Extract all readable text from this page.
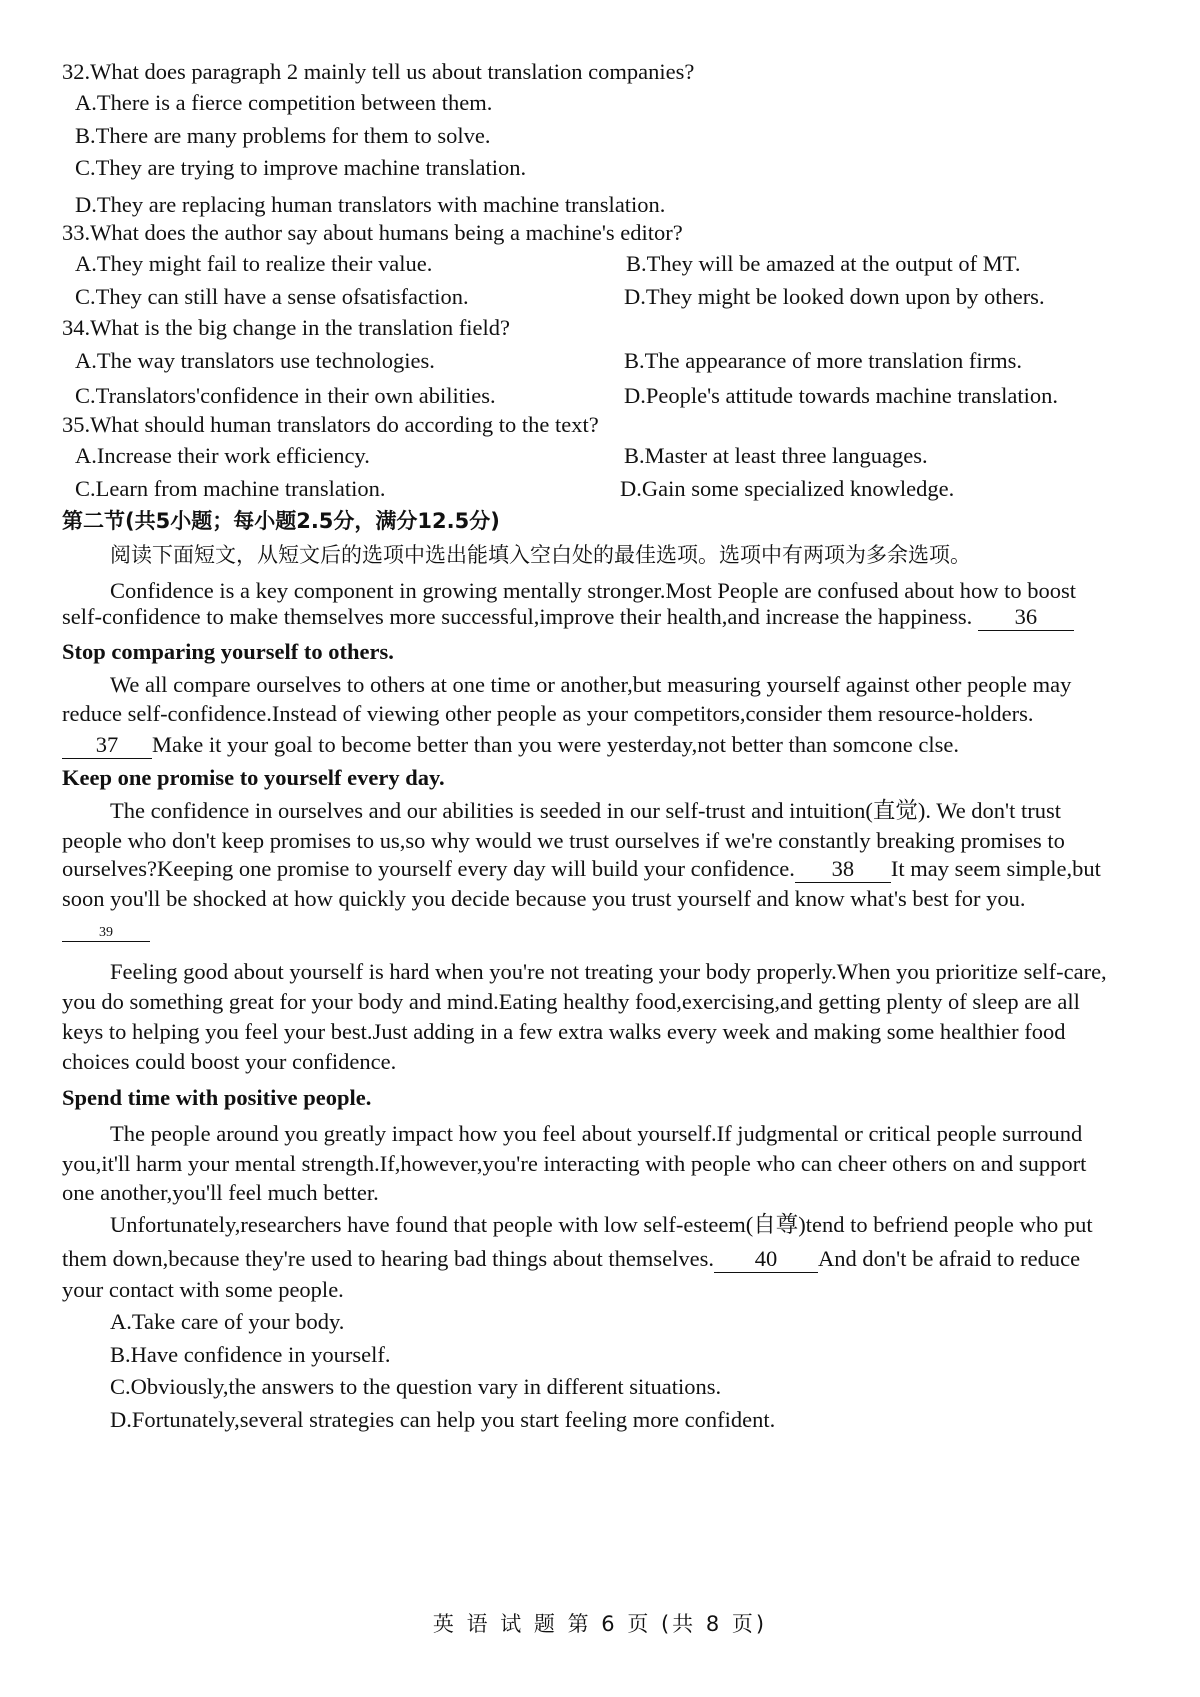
32.What does paragraph 2 mainly tell us about translation companies?
A.There is a fierce competition between them.
B.There are many problems for them to solve.
C.They are trying to improve machine translation.
D.They are replacing human translators with machine translation.
33.What does the author say about humans being a machine's editor?
A.They might fail to realize their value.	B.They will be amazed at the output of MT.
C.They can still have a sense ofsatisfaction.	D.They might be looked down upon by others.
34.What is the big change in the translation field?
A.The way translators use technologies.	B.The appearance of more translation firms.
C.Translators'confidence in their own abilities.	D.People's attitude towards machine translation.
35.What should human translators do according to the text?
A.Increase their work efficiency.	B.Master at least three languages.
C.Learn from machine translation.	D.Gain some specialized knowledge.
第二节(共5小题；每小题2.5分，满分12.5分)
阅读下面短文，从短文后的选项中选出能填入空白处的最佳选项。选项中有两项为多余选项。
Confidence is a key component in growing mentally stronger.Most People are confused about how to boost
self-confidence to make themselves more successful,improve their health,and increase the happiness. 36
Stop comparing yourself to others.
We all compare ourselves to others at one time or another,but measuring yourself against other people may
reduce self-confidence.Instead of viewing other people as your competitors,consider them resource-holders.
37 Make it your goal to become better than you were yesterday,not better than somcone clse.
Keep one promise to yourself every day.
The confidence in ourselves and our abilities is seeded in our self-trust and intuition(直觉). We don't trust
people who don't keep promises to us,so why would we trust ourselves if we're constantly breaking promises to
ourselves?Keeping one promise to yourself every day will build your confidence. 38 It may seem simple,but
soon you'll be shocked at how quickly you decide because you trust yourself and know what's best for you.
39
Feeling good about yourself is hard when you're not treating your body properly.When you prioritize self-care,
you do something great for your body and mind.Eating healthy food,exercising,and getting plenty of sleep are all
keys to helping you feel your best.Just adding in a few extra walks every week and making some healthier food
choices could boost your confidence.
Spend time with positive people.
The people around you greatly impact how you feel about yourself.If judgmental or critical people surround
you,it'll harm your mental strength.If,however,you're interacting with people who can cheer others on and support
one another,you'll feel much better.
Unfortunately,researchers have found that people with low self-esteem(自尊)tend to befriend people who put
them down,because they're used to hearing bad things about themselves. 40 And don't be afraid to reduce
your contact with some people.
A.Take care of your body.
B.Have confidence in yourself.
C.Obviously,the answers to the question vary in different situations.
D.Fortunately,several strategies can help you start feeling more confident.
英 语 试 题 第 6 页 (共 8 页)
